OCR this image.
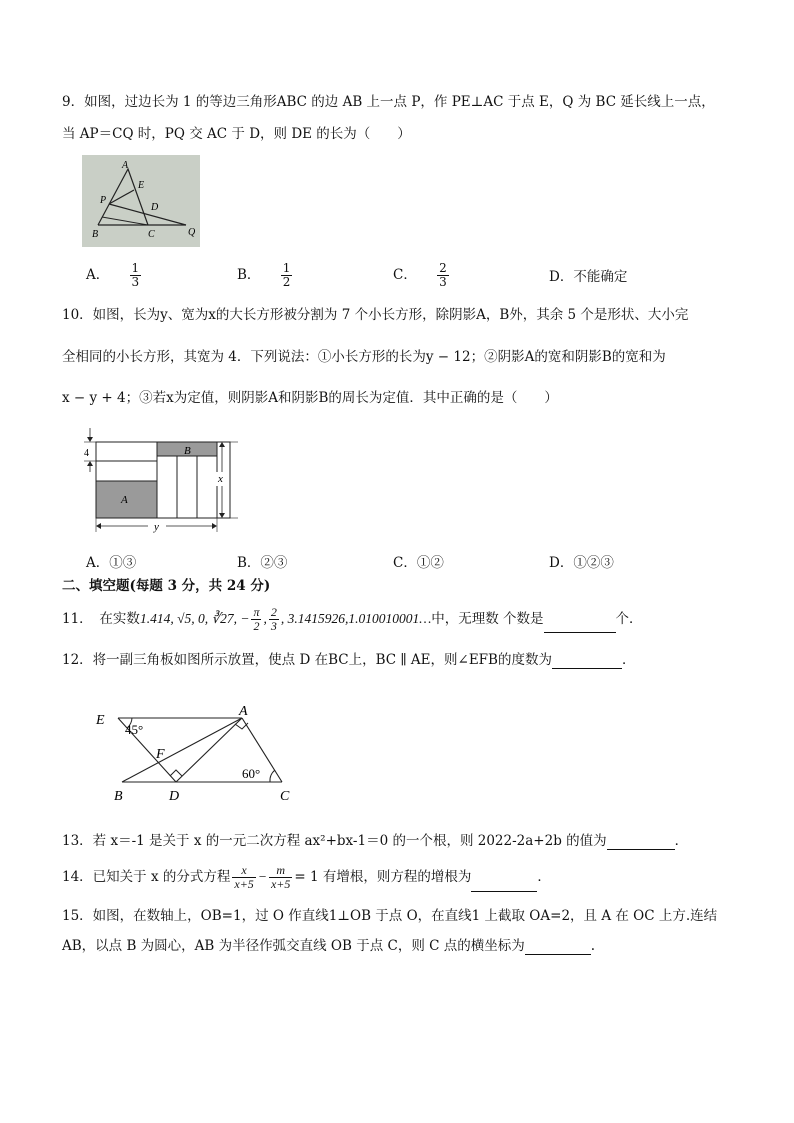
9．如图，过边长为 1 的等边三角形ABC 的边 AB 上一点 P，作 PE⊥AC 于点 E，Q 为 BC 延长线上一点，
当 AP＝CQ 时，PQ 交 AC 于 D，则 DE 的长为（　　）
A
E
P
D
B	C	Q
A． $\frac{1}{3}$	B． $\frac{1}{2}$	C． $\frac{2}{3}$	D．不能确定
10．如图，长为y、宽为x的大长方形被分割为 7 个小长方形，除阴影A，B外，其余 5 个是形状、大小完
全相同的小长方形，其宽为 4．下列说法：①小长方形的长为y − 12；②阴影A的宽和阴影B的宽和为
x − y + 4；③若x为定值，则阴影A和阴影B的周长为定值．其中正确的是（　　）
4	B
A
x
y
A．①③	B．②③	C．①②	D．①②③
二、填空题(每题 3 分，共 24 分)
11．　在实数1.414, √5, 0, ∛27, − $\frac{\pi}{2}$ , $\frac{2}{3}$ , 3.1415926,1.010010001…中，无理数 个数是	个．
12．将一副三角板如图所示放置，使点 D 在BC上，BC ∥ AE，则∠EFB的度数为	．
E
A
45°
F
60°
B	D	C
13．若 x＝-1 是关于 x 的一元二次方程 ax²+bx-1＝0 的一个根，则 2022-2a+2b 的值为	．
14．已知关于 x 的分式方程 $\frac{x}{x+5} - \frac{m}{x+5} = 1$ 有增根，则方程的增根为	．
15．如图，在数轴上，OB=1，过 O 作直线1⊥OB 于点 O，在直线1 上截取 OA=2，且 A 在 OC 上方.连结
AB，以点 B 为圆心，AB 为半径作弧交直线 OB 于点 C，则 C 点的横坐标为	.
